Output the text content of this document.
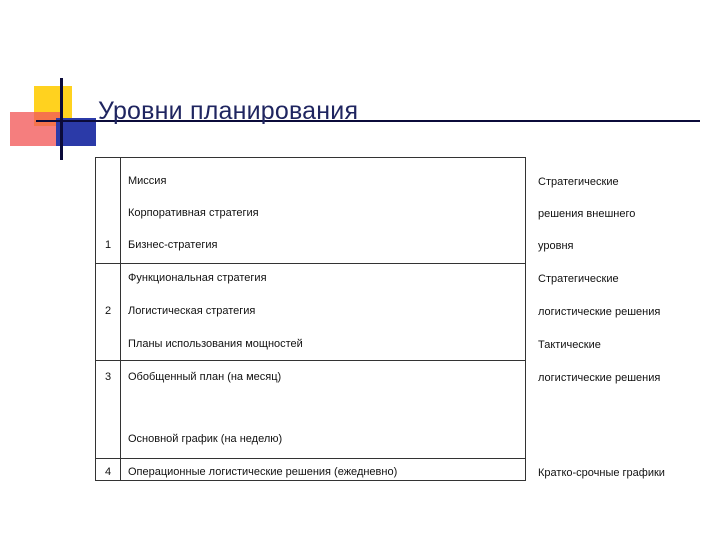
Уровни планирования
1
2
3
4
Миссия
Корпоративная стратегия
Бизнес-стратегия
Функциональная стратегия
Логистическая стратегия
Планы использования мощностей
Обобщенный план (на месяц)
Основной график (на неделю)
Операционные логистические решения (ежедневно)
Стратегические
решения внешнего
уровня
Стратегические
логистические решения
Тактические
логистические решения
Кратко-срочные графики
